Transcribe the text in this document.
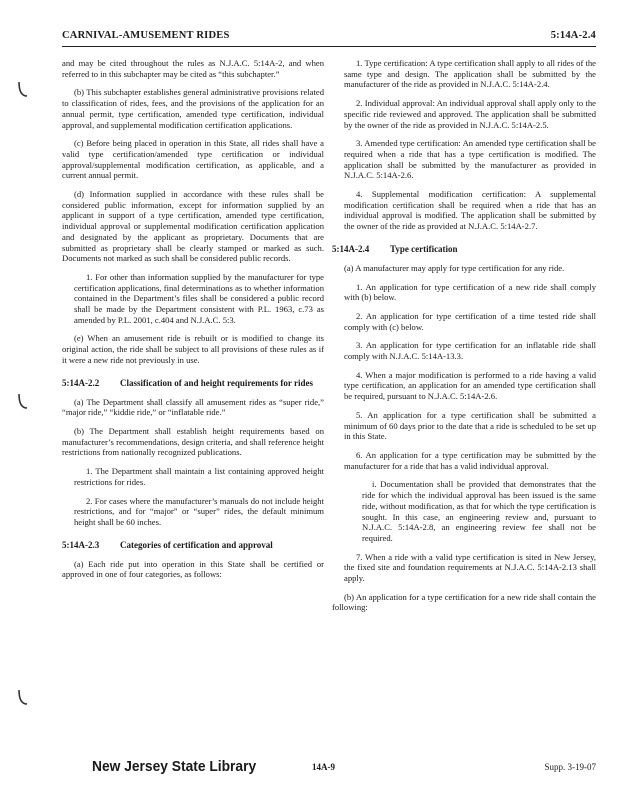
CARNIVAL-AMUSEMENT RIDES	5:14A-2.4

and may be cited throughout the rules as N.J.A.C. 5:14A-2, and when referred to in this subchapter may be cited as “this subchapter.”

(b) This subchapter establishes general administrative provisions related to classification of rides, fees, and the provisions of the application for an annual permit, type certification, amended type certification, individual approval, and supplemental modification certification applications.

(c) Before being placed in operation in this State, all rides shall have a valid type certification/amended type certification or individual approval/supplemental modification certification, as applicable, and a current annual permit.

(d) Information supplied in accordance with these rules shall be considered public information, except for information supplied by an applicant in support of a type certification, amended type certification, individual approval or supplemental modification certification application and designated by the applicant as proprietary. Documents that are submitted as proprietary shall be clearly stamped or marked as such. Documents not marked as such shall be considered public records.

1. For other than information supplied by the manufacturer for type certification applications, final determinations as to whether information contained in the Department’s files shall be considered a public record shall be made by the Department consistent with P.L. 1963, c.73 as amended by P.L. 2001, c.404 and N.J.A.C. 5:3.

(e) When an amusement ride is rebuilt or is modified to change its original action, the ride shall be subject to all provisions of these rules as if it were a new ride not previously in use.

5:14A-2.2	Classification of and height requirements for rides

(a) The Department shall classify all amusement rides as “super ride,” “major ride,” “kiddie ride,” or “inflatable ride.”

(b) The Department shall establish height requirements based on manufacturer’s recommendations, design criteria, and shall reference height restrictions from nationally recognized publications.

1. The Department shall maintain a list containing approved height restrictions for rides.

2. For cases where the manufacturer’s manuals do not include height restrictions, and for “major” or “super” rides, the default minimum height shall be 60 inches.

5:14A-2.3	Categories of certification and approval

(a) Each ride put into operation in this State shall be certified or approved in one of four categories, as follows:

1. Type certification: A type certification shall apply to all rides of the same type and design. The application shall be submitted by the manufacturer of the ride as provided in N.J.A.C. 5:14A-2.4.

2. Individual approval: An individual approval shall apply only to the specific ride reviewed and approved. The application shall be submitted by the owner of the ride as provided in N.J.A.C. 5:14A-2.5.

3. Amended type certification: An amended type certification shall be required when a ride that has a type certification is modified. The application shall be submitted by the manufacturer as provided in N.J.A.C. 5:14A-2.6.

4. Supplemental modification certification: A supplemental modification certification shall be required when a ride that has an individual approval is modified. The application shall be submitted by the owner of the ride as provided at N.J.A.C. 5:14A-2.7.

5:14A-2.4	Type certification

(a) A manufacturer may apply for type certification for any ride.

1. An application for type certification of a new ride shall comply with (b) below.

2. An application for type certification of a time tested ride shall comply with (c) below.

3. An application for type certification for an inflatable ride shall comply with N.J.A.C. 5:14A-13.3.

4. When a major modification is performed to a ride having a valid type certification, an application for an amended type certification shall be required, pursuant to N.J.A.C. 5:14A-2.6.

5. An application for a type certification shall be submitted a minimum of 60 days prior to the date that a ride is scheduled to be set up in this State.

6. An application for a type certification may be submitted by the manufacturer for a ride that has a valid individual approval.

i. Documentation shall be provided that demonstrates that the ride for which the individual approval has been issued is the same ride, without modification, as that for which the type certification is sought. In this case, an engineering review and, pursuant to N.J.A.C. 5:14A-2.8, an engineering review fee shall not be required.

7. When a ride with a valid type certification is sited in New Jersey, the fixed site and foundation requirements at N.J.A.C. 5:14A-2.13 shall apply.

(b) An application for a type certification for a new ride shall contain the following:

New Jersey State Library	14A-9	Supp. 3-19-07
